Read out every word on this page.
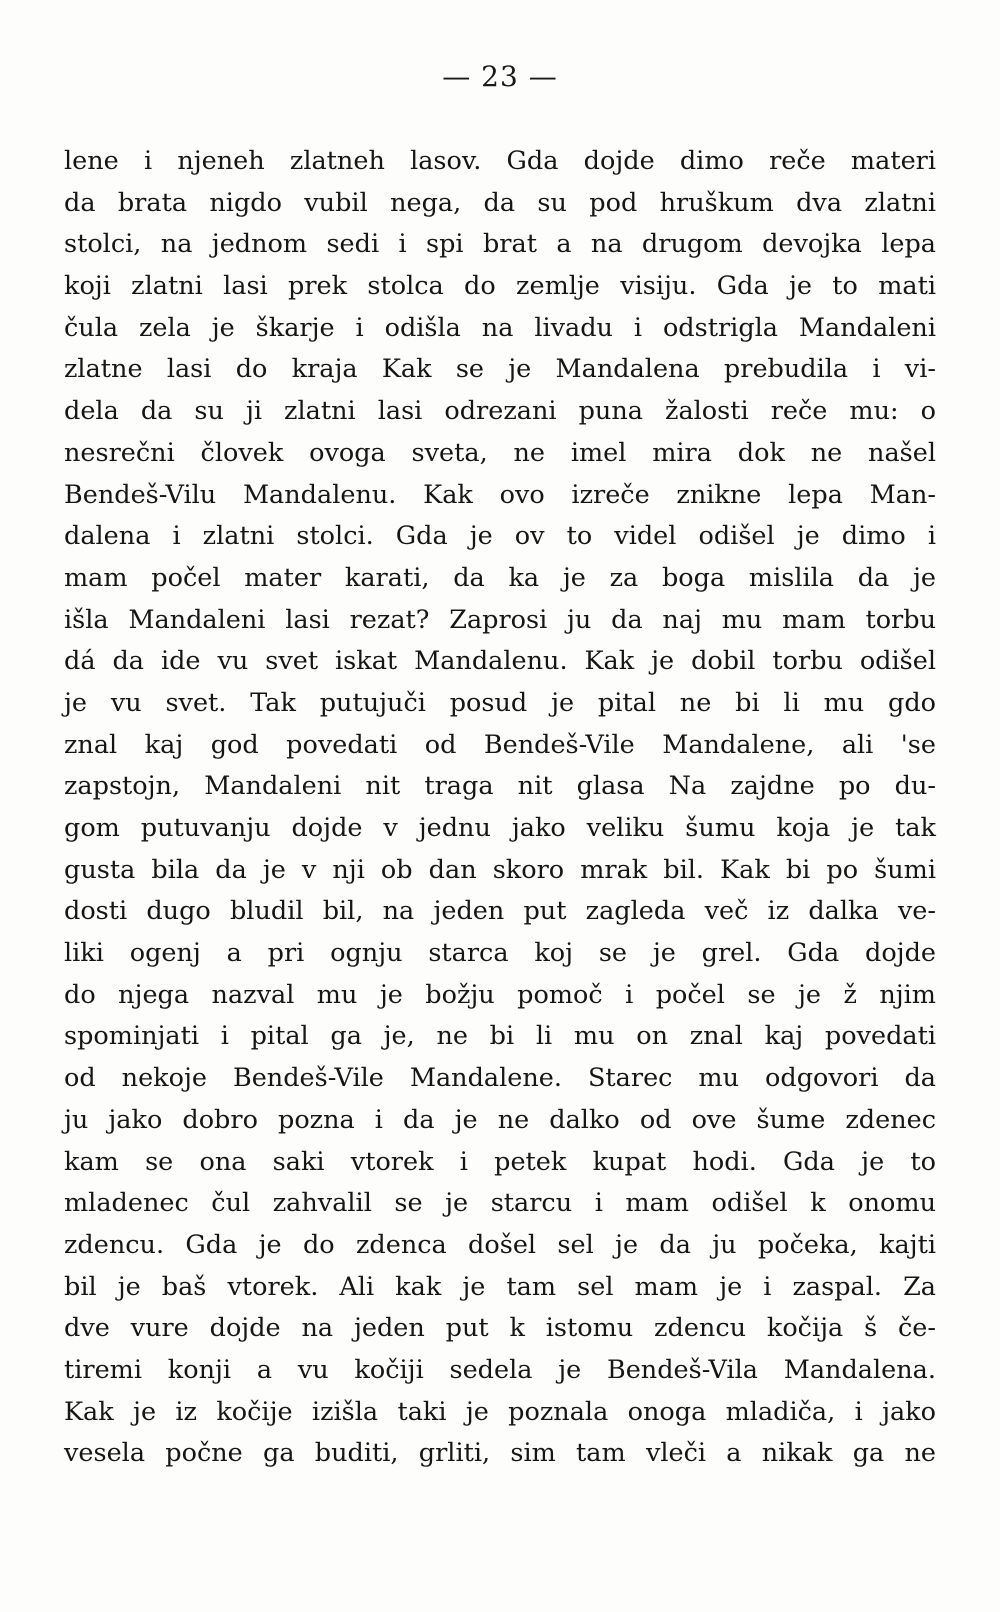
— 23 —
lene i njeneh zlatneh lasov. Gda dojde dimo reče materi
da brata nigdo vubil nega, da su pod hruškum dva zlatni
stolci, na jednom sedi i spi brat a na drugom devojka lepa
koji zlatni lasi prek stolca do zemlje visiju. Gda je to mati
čula zela je škarje i odišla na livadu i odstrigla Mandaleni
zlatne lasi do kraja Kak se je Mandalena prebudila i vi-
dela da su ji zlatni lasi odrezani puna žalosti reče mu: o
nesrečni človek ovoga sveta, ne imel mira dok ne našel
Bendeš-Vilu Mandalenu. Kak ovo izreče znikne lepa Man-
dalena i zlatni stolci. Gda je ov to videl odišel je dimo i
mam počel mater karati, da ka je za boga mislila da je
išla Mandaleni lasi rezat? Zaprosi ju da naj mu mam torbu
dá da ide vu svet iskat Mandalenu. Kak je dobil torbu odišel
je vu svet. Tak putujuči posud je pital ne bi li mu gdo
znal kaj god povedati od Bendeš-Vile Mandalene, ali 'se
zapstojn, Mandaleni nit traga nit glasa Na zajdne po du-
gom putuvanju dojde v jednu jako veliku šumu koja je tak
gusta bila da je v nji ob dan skoro mrak bil. Kak bi po šumi
dosti dugo bludil bil, na jeden put zagleda več iz dalka ve-
liki ogenj a pri ognju starca koj se je grel. Gda dojde
do njega nazval mu je božju pomoč i počel se je ž njim
spominjati i pital ga je, ne bi li mu on znal kaj povedati
od nekoje Bendeš-Vile Mandalene. Starec mu odgovori da
ju jako dobro pozna i da je ne dalko od ove šume zdenec
kam se ona saki vtorek i petek kupat hodi. Gda je to
mladenec čul zahvalil se je starcu i mam odišel k onomu
zdencu. Gda je do zdenca došel sel je da ju počeka, kajti
bil je baš vtorek. Ali kak je tam sel mam je i zaspal. Za
dve vure dojde na jeden put k istomu zdencu kočija š če-
tiremi konji a vu kočiji sedela je Bendeš-Vila Mandalena.
Kak je iz kočije izišla taki je poznala onoga mladiča, i jako
vesela počne ga buditi, grliti, sim tam vleči a nikak ga ne
